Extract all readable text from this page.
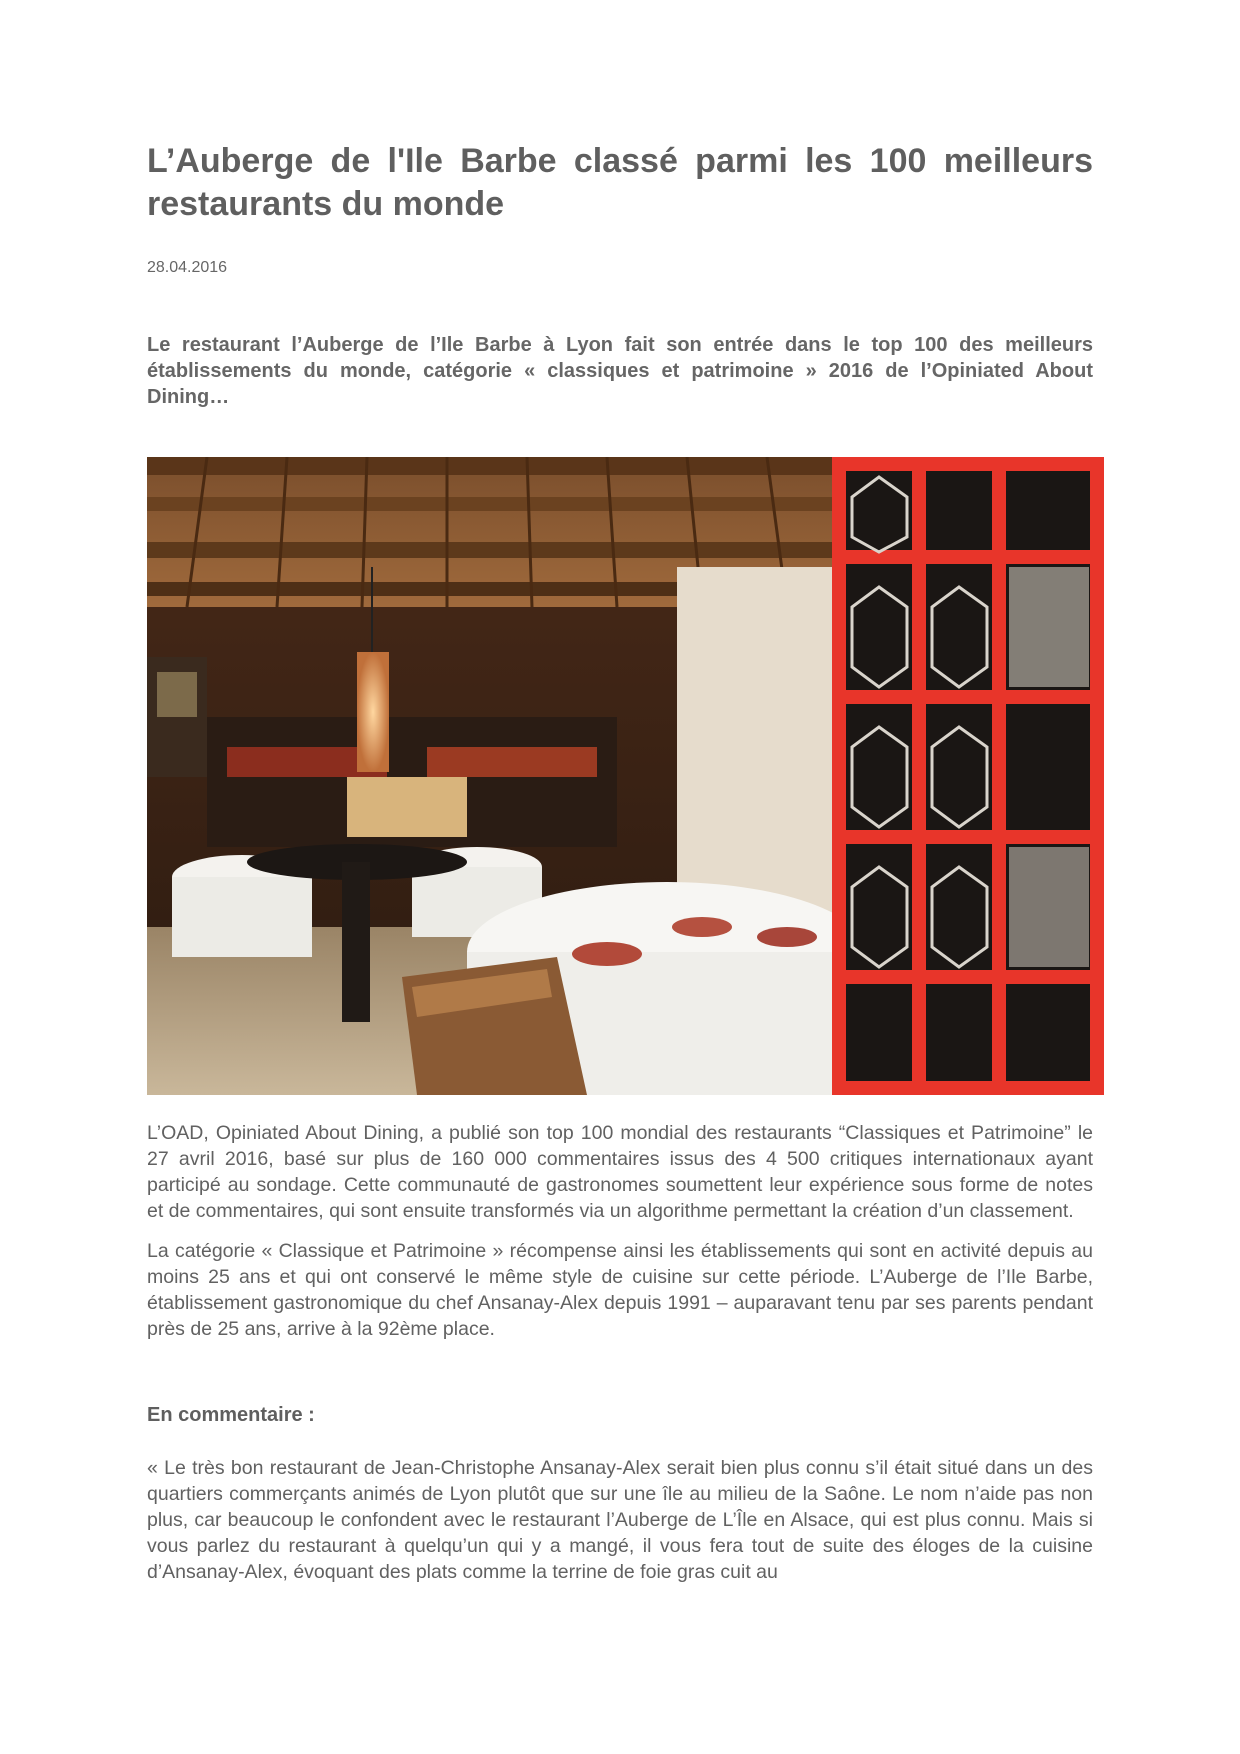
L’Auberge de l'Ile Barbe classé parmi les 100 meilleurs restaurants du monde
28.04.2016
Le restaurant l’Auberge de l’Ile Barbe à Lyon fait son entrée dans le top 100 des meilleurs établissements du monde, catégorie « classiques et patrimoine » 2016 de l’Opiniated About Dining…

L’OAD, Opiniated About Dining, a publié son top 100 mondial des restaurants “Classiques et Patrimoine” le 27 avril 2016, basé sur plus de 160 000 commentaires issus des 4 500 critiques internationaux ayant participé au sondage. Cette communauté de gastronomes soumettent leur expérience sous forme de notes et de commentaires, qui sont ensuite transformés via un algorithme permettant la création d’un classement.

La catégorie « Classique et Patrimoine » récompense ainsi les établissements qui sont en activité depuis au moins 25 ans et qui ont conservé le même style de cuisine sur cette période. L’Auberge de l’Ile Barbe, établissement gastronomique du chef Ansanay-Alex depuis 1991 – auparavant tenu par ses parents pendant près de 25 ans, arrive à la 92ème place.

En commentaire :

« Le très bon restaurant de Jean-Christophe Ansanay-Alex serait bien plus connu s’il était situé dans un des quartiers commerçants animés de Lyon plutôt que sur une île au milieu de la Saône. Le nom n’aide pas non plus, car beaucoup le confondent avec le restaurant l’Auberge de L’Île en Alsace, qui est plus connu. Mais si vous parlez du restaurant à quelqu’un qui y a mangé, il vous fera tout de suite des éloges de la cuisine d’Ansanay-Alex, évoquant des plats comme la terrine de foie gras cuit au
